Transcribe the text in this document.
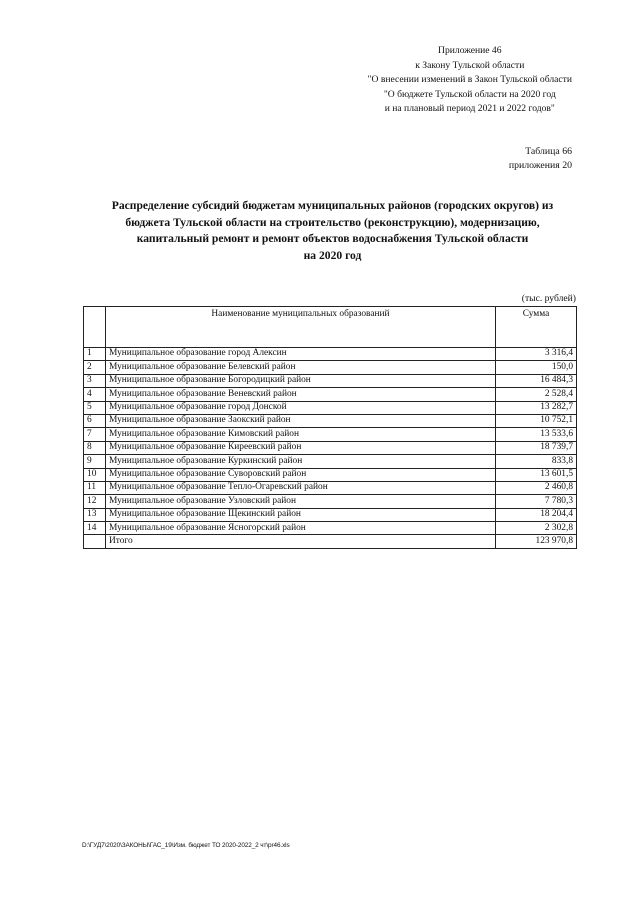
Приложение 46
к Закону Тульской области
"О внесении изменений в Закон Тульской области
"О бюджете Тульской области на 2020 год
и на плановый период 2021 и 2022 годов"
Таблица 66
приложения 20
Распределение субсидий бюджетам муниципальных районов (городских округов) из
бюджета Тульской области на строительство (реконструкцию), модернизацию,
капитальный ремонт и ремонт объектов водоснабжения Тульской области
на 2020 год
(тыс. рублей)
	Наименование муниципальных образований	Сумма
1	Муниципальное образование город Алексин	3 316,4
2	Муниципальное образование Белевский район	150,0
3	Муниципальное образование Богородицкий район	16 484,3
4	Муниципальное образование Веневский район	2 528,4
5	Муниципальное образование город Донской	13 282,7
6	Муниципальное образование Заокский район	10 752,1
7	Муниципальное образование Кимовский район	13 533,6
8	Муниципальное образование Киреевский район	18 739,7
9	Муниципальное образование Куркинский район	833,8
10	Муниципальное образование Суворовский район	13 601,5
11	Муниципальное образование Тепло-Огаревский район	2 460,8
12	Муниципальное образование Узловский район	7 780,3
13	Муниципальное образование Щекинский район	18 204,4
14	Муниципальное образование Ясногорский район	2 302,8
	Итого	123 970,8
D:\ГУД7\2020\ЗАКОНЫ\ГАС_19\Изм. бюджет ТО 2020-2022_2 чт\pr46.xls
